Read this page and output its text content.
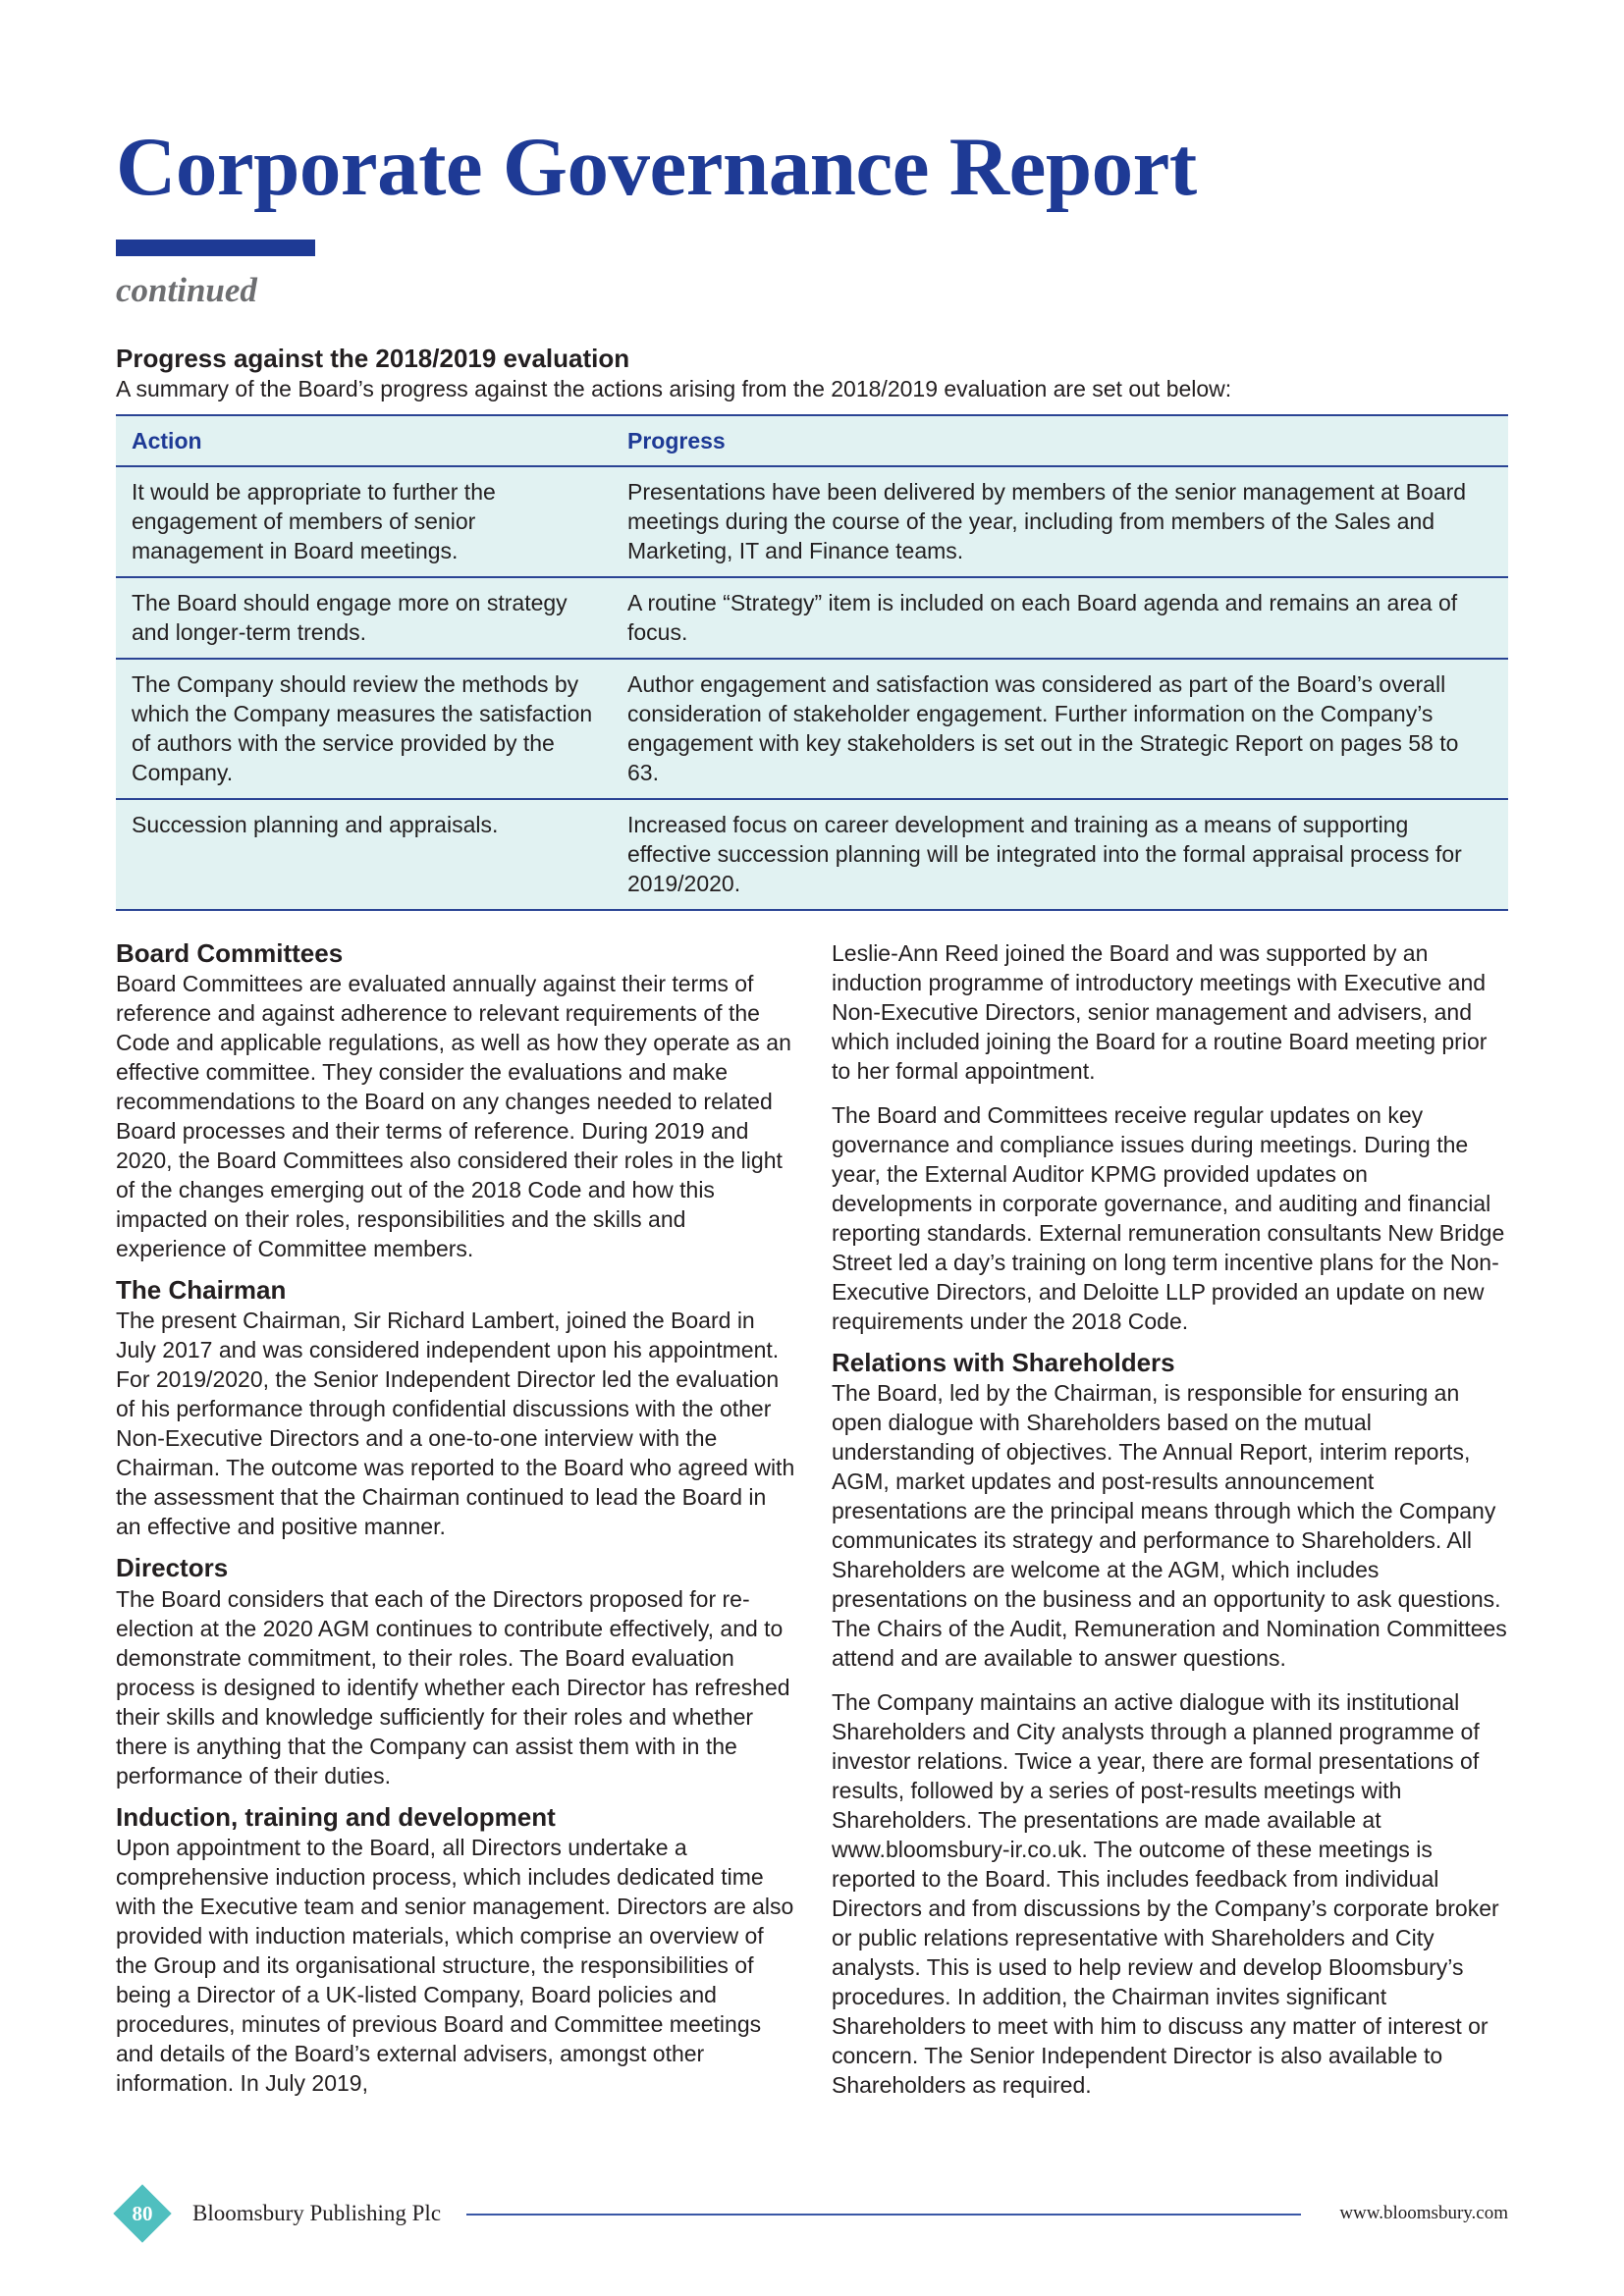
Corporate Governance Report
continued
Progress against the 2018/2019 evaluation

A summary of the Board’s progress against the actions arising from the 2018/2019 evaluation are set out below:

Action	Progress
It would be appropriate to further the engagement of members of senior management in Board meetings.	Presentations have been delivered by members of the senior management at Board meetings during the course of the year, including from members of the Sales and Marketing, IT and Finance teams.
The Board should engage more on strategy and longer-term trends.	A routine “Strategy” item is included on each Board agenda and remains an area of focus.
The Company should review the methods by which the Company measures the satisfaction of authors with the service provided by the Company.	Author engagement and satisfaction was considered as part of the Board’s overall consideration of stakeholder engagement. Further information on the Company’s engagement with key stakeholders is set out in the Strategic Report on pages 58 to 63.
Succession planning and appraisals.	Increased focus on career development and training as a means of supporting effective succession planning will be integrated into the formal appraisal process for 2019/2020.
Board Committees

Board Committees are evaluated annually against their terms of reference and against adherence to relevant requirements of the Code and applicable regulations, as well as how they operate as an effective committee. They consider the evaluations and make recommendations to the Board on any changes needed to related Board processes and their terms of reference. During 2019 and 2020, the Board Committees also considered their roles in the light of the changes emerging out of the 2018 Code and how this impacted on their roles, responsibilities and the skills and experience of Committee members.

The Chairman

The present Chairman, Sir Richard Lambert, joined the Board in July 2017 and was considered independent upon his appointment. For 2019/2020, the Senior Independent Director led the evaluation of his performance through confidential discussions with the other Non-Executive Directors and a one-to-one interview with the Chairman. The outcome was reported to the Board who agreed with the assessment that the Chairman continued to lead the Board in an effective and positive manner.

Directors

The Board considers that each of the Directors proposed for re-election at the 2020 AGM continues to contribute effectively, and to demonstrate commitment, to their roles. The Board evaluation process is designed to identify whether each Director has refreshed their skills and knowledge sufficiently for their roles and whether there is anything that the Company can assist them with in the performance of their duties.

Induction, training and development

Upon appointment to the Board, all Directors undertake a comprehensive induction process, which includes dedicated time with the Executive team and senior management. Directors are also provided with induction materials, which comprise an overview of the Group and its organisational structure, the responsibilities of being a Director of a UK-listed Company, Board policies and procedures, minutes of previous Board and Committee meetings and details of the Board’s external advisers, amongst other information. In July 2019,

Leslie-Ann Reed joined the Board and was supported by an induction programme of introductory meetings with Executive and Non-Executive Directors, senior management and advisers, and which included joining the Board for a routine Board meeting prior to her formal appointment.

The Board and Committees receive regular updates on key governance and compliance issues during meetings. During the year, the External Auditor KPMG provided updates on developments in corporate governance, and auditing and financial reporting standards. External remuneration consultants New Bridge Street led a day’s training on long term incentive plans for the Non-Executive Directors, and Deloitte LLP provided an update on new requirements under the 2018 Code.

Relations with Shareholders

The Board, led by the Chairman, is responsible for ensuring an open dialogue with Shareholders based on the mutual understanding of objectives. The Annual Report, interim reports, AGM, market updates and post-results announcement presentations are the principal means through which the Company communicates its strategy and performance to Shareholders. All Shareholders are welcome at the AGM, which includes presentations on the business and an opportunity to ask questions. The Chairs of the Audit, Remuneration and Nomination Committees attend and are available to answer questions.

The Company maintains an active dialogue with its institutional Shareholders and City analysts through a planned programme of investor relations. Twice a year, there are formal presentations of results, followed by a series of post-results meetings with Shareholders. The presentations are made available at www.bloomsbury-ir.co.uk. The outcome of these meetings is reported to the Board. This includes feedback from individual Directors and from discussions by the Company’s corporate broker or public relations representative with Shareholders and City analysts. This is used to help review and develop Bloomsbury’s procedures. In addition, the Chairman invites significant Shareholders to meet with him to discuss any matter of interest or concern. The Senior Independent Director is also available to Shareholders as required.

80	Bloomsbury Publishing Plc	www.bloomsbury.com
